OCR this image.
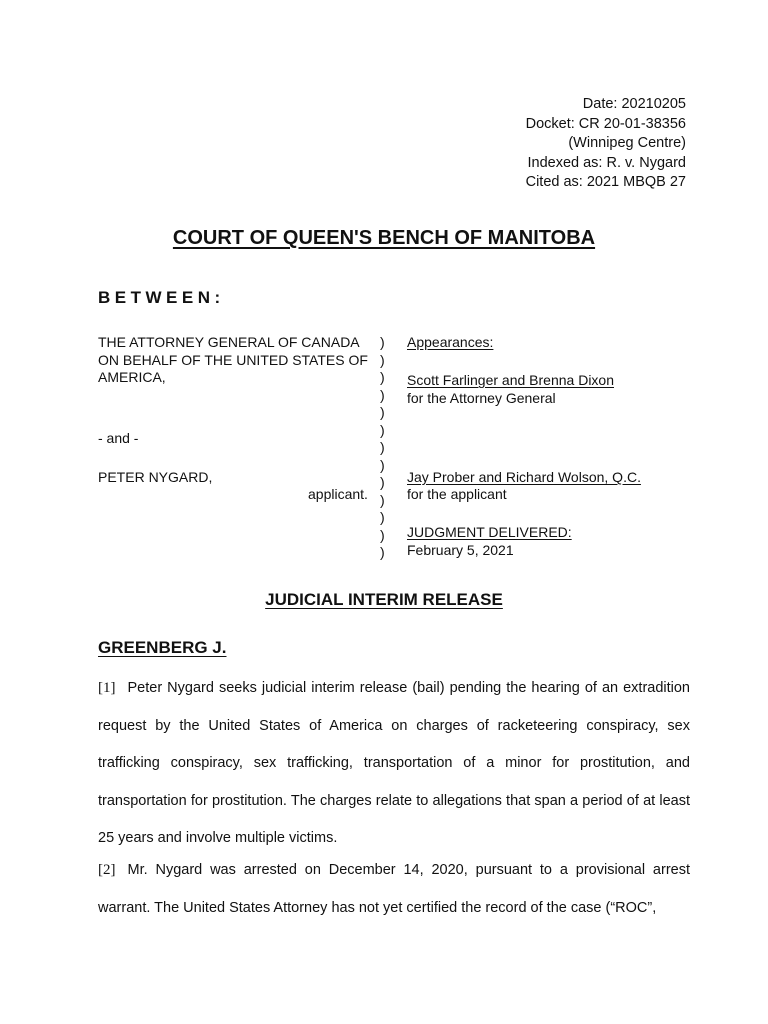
Date: 20210205
Docket: CR 20-01-38356
(Winnipeg Centre)
Indexed as: R. v. Nygard
Cited as: 2021 MBQB 27
COURT OF QUEEN'S BENCH OF MANITOBA
BETWEEN:
THE ATTORNEY GENERAL OF CANADA
ON BEHALF OF THE UNITED STATES OF
AMERICA,
- and -
PETER NYGARD,
applicant.
)
)
)
)
)
)
)
)
)
)
)
)
)
Appearances:
Scott Farlinger and Brenna Dixon
for the Attorney General
Jay Prober and Richard Wolson, Q.C.
for the applicant
JUDGMENT DELIVERED:
February 5, 2021
JUDICIAL INTERIM RELEASE
GREENBERG J.
[1] Peter Nygard seeks judicial interim release (bail) pending the hearing of an extradition request by the United States of America on charges of racketeering conspiracy, sex trafficking conspiracy, sex trafficking, transportation of a minor for prostitution, and transportation for prostitution. The charges relate to allegations that span a period of at least 25 years and involve multiple victims.
[2] Mr. Nygard was arrested on December 14, 2020, pursuant to a provisional arrest warrant. The United States Attorney has not yet certified the record of the case (“ROC”,
